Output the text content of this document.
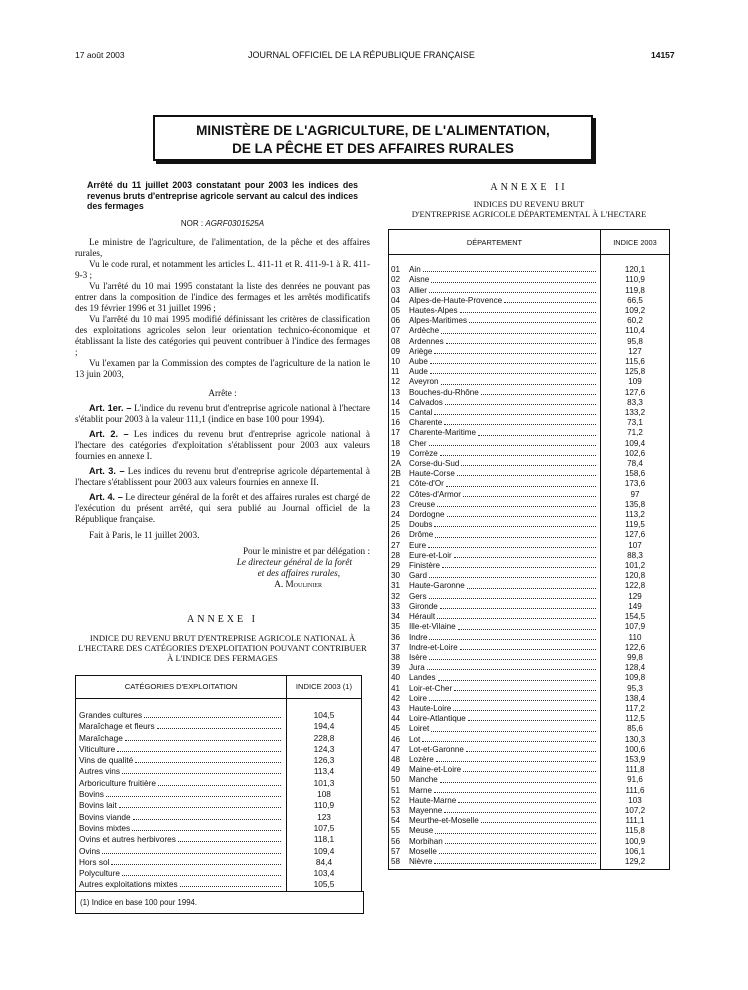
17 août 2003	JOURNAL OFFICIEL DE LA RÉPUBLIQUE FRANÇAISE	14157
MINISTÈRE DE L'AGRICULTURE, DE L'ALIMENTATION,
DE LA PÊCHE ET DES AFFAIRES RURALES
Arrêté du 11 juillet 2003 constatant pour 2003 les indices des revenus bruts d'entreprise agricole servant au calcul des indices des fermages
NOR : AGRF0301525A

Le ministre de l'agriculture, de l'alimentation, de la pêche et des affaires rurales,

Vu le code rural, et notamment les articles L. 411-11 et R. 411-9-1 à R. 411-9-3 ;

Vu l'arrêté du 10 mai 1995 constatant la liste des denrées ne pouvant pas entrer dans la composition de l'indice des fermages et les arrêtés modificatifs des 19 février 1996 et 31 juillet 1996 ;

Vu l'arrêté du 10 mai 1995 modifié définissant les critères de classification des exploitations agricoles selon leur orientation technico-économique et établissant la liste des catégories qui peuvent contribuer à l'indice des fermages ;

Vu l'examen par la Commission des comptes de l'agriculture de la nation le 13 juin 2003,

Arrête :

Art. 1er. – L'indice du revenu brut d'entreprise agricole national à l'hectare s'établit pour 2003 à la valeur 111,1 (indice en base 100 pour 1994).

Art. 2. – Les indices du revenu brut d'entreprise agricole national à l'hectare des catégories d'exploitation s'établissent pour 2003 aux valeurs fournies en annexe I.

Art. 3. – Les indices du revenu brut d'entreprise agricole départemental à l'hectare s'établissent pour 2003 aux valeurs fournies en annexe II.

Art. 4. – Le directeur général de la forêt et des affaires rurales est chargé de l'exécution du présent arrêté, qui sera publié au Journal officiel de la République française.

Fait à Paris, le 11 juillet 2003.

Pour le ministre et par délégation :

Le directeur général de la forêt

et des affaires rurales,

A. Moulinier

ANNEXE I
INDICE DU REVENU BRUT D'ENTREPRISE AGRICOLE NATIONAL À L'HECTARE DES CATÉGORIES D'EXPLOITATION POUVANT CONTRIBUER À L'INDICE DES FERMAGES
CATÉGORIES D'EXPLOITATION	INDICE 2003 (1)

Grandes cultures	104,5

Maraîchage et fleurs	194,4

Maraîchage	228,8

Viticulture	124,3

Vins de qualité	126,3

Autres vins	113,4

Arboriculture fruitière	101,3

Bovins	108

Bovins lait	110,9

Bovins viande	123

Bovins mixtes	107,5

Ovins et autres herbivores	118,1

Ovins	109,4

Hors sol	84,4

Polyculture	103,4

Autres exploitations mixtes	105,5
(1) Indice en base 100 pour 1994.
ANNEXE II
INDICES DU REVENU BRUT
D'ENTREPRISE AGRICOLE DÉPARTEMENTAL À L'HECTARE
DÉPARTEMENT		INDICE 2003

01	Ain	120,1
02	Aisne	110,9
03	Allier	119,8
04	Alpes-de-Haute-Provence	66,5
05	Hautes-Alpes	109,2
06	Alpes-Maritimes	60,2
07	Ardèche	110,4
08	Ardennes	95,8
09	Ariège	127
10	Aube	115,6
11	Aude	125,8
12	Aveyron	109
13	Bouches-du-Rhône	127,6
14	Calvados	83,3
15	Cantal	133,2
16	Charente	73,1
17	Charente-Maritime	71,2
18	Cher	109,4
19	Corrèze	102,6
2A	Corse-du-Sud	78,4
2B	Haute-Corse	158,6
21	Côte-d'Or	173,6
22	Côtes-d'Armor	97
23	Creuse	135,8
24	Dordogne	113,2
25	Doubs	119,5
26	Drôme	127,6
27	Eure	107
28	Eure-et-Loir	88,3
29	Finistère	101,2
30	Gard	120,8
31	Haute-Garonne	122,8
32	Gers	129
33	Gironde	149
34	Hérault	154,5
35	Ille-et-Vilaine	107,9
36	Indre	110
37	Indre-et-Loire	122,6
38	Isère	99,8
39	Jura	128,4
40	Landes	109,8
41	Loir-et-Cher	95,3
42	Loire	138,4
43	Haute-Loire	117,2
44	Loire-Atlantique	112,5
45	Loiret	85,6
46	Lot	130,3
47	Lot-et-Garonne	100,6
48	Lozère	153,9
49	Maine-et-Loire	111,8
50	Manche	91,6
51	Marne	111,6
52	Haute-Marne	103
53	Mayenne	107,2
54	Meurthe-et-Moselle	111,1
55	Meuse	115,8
56	Morbihan	100,9
57	Moselle	106,1
58	Nièvre	129,2
